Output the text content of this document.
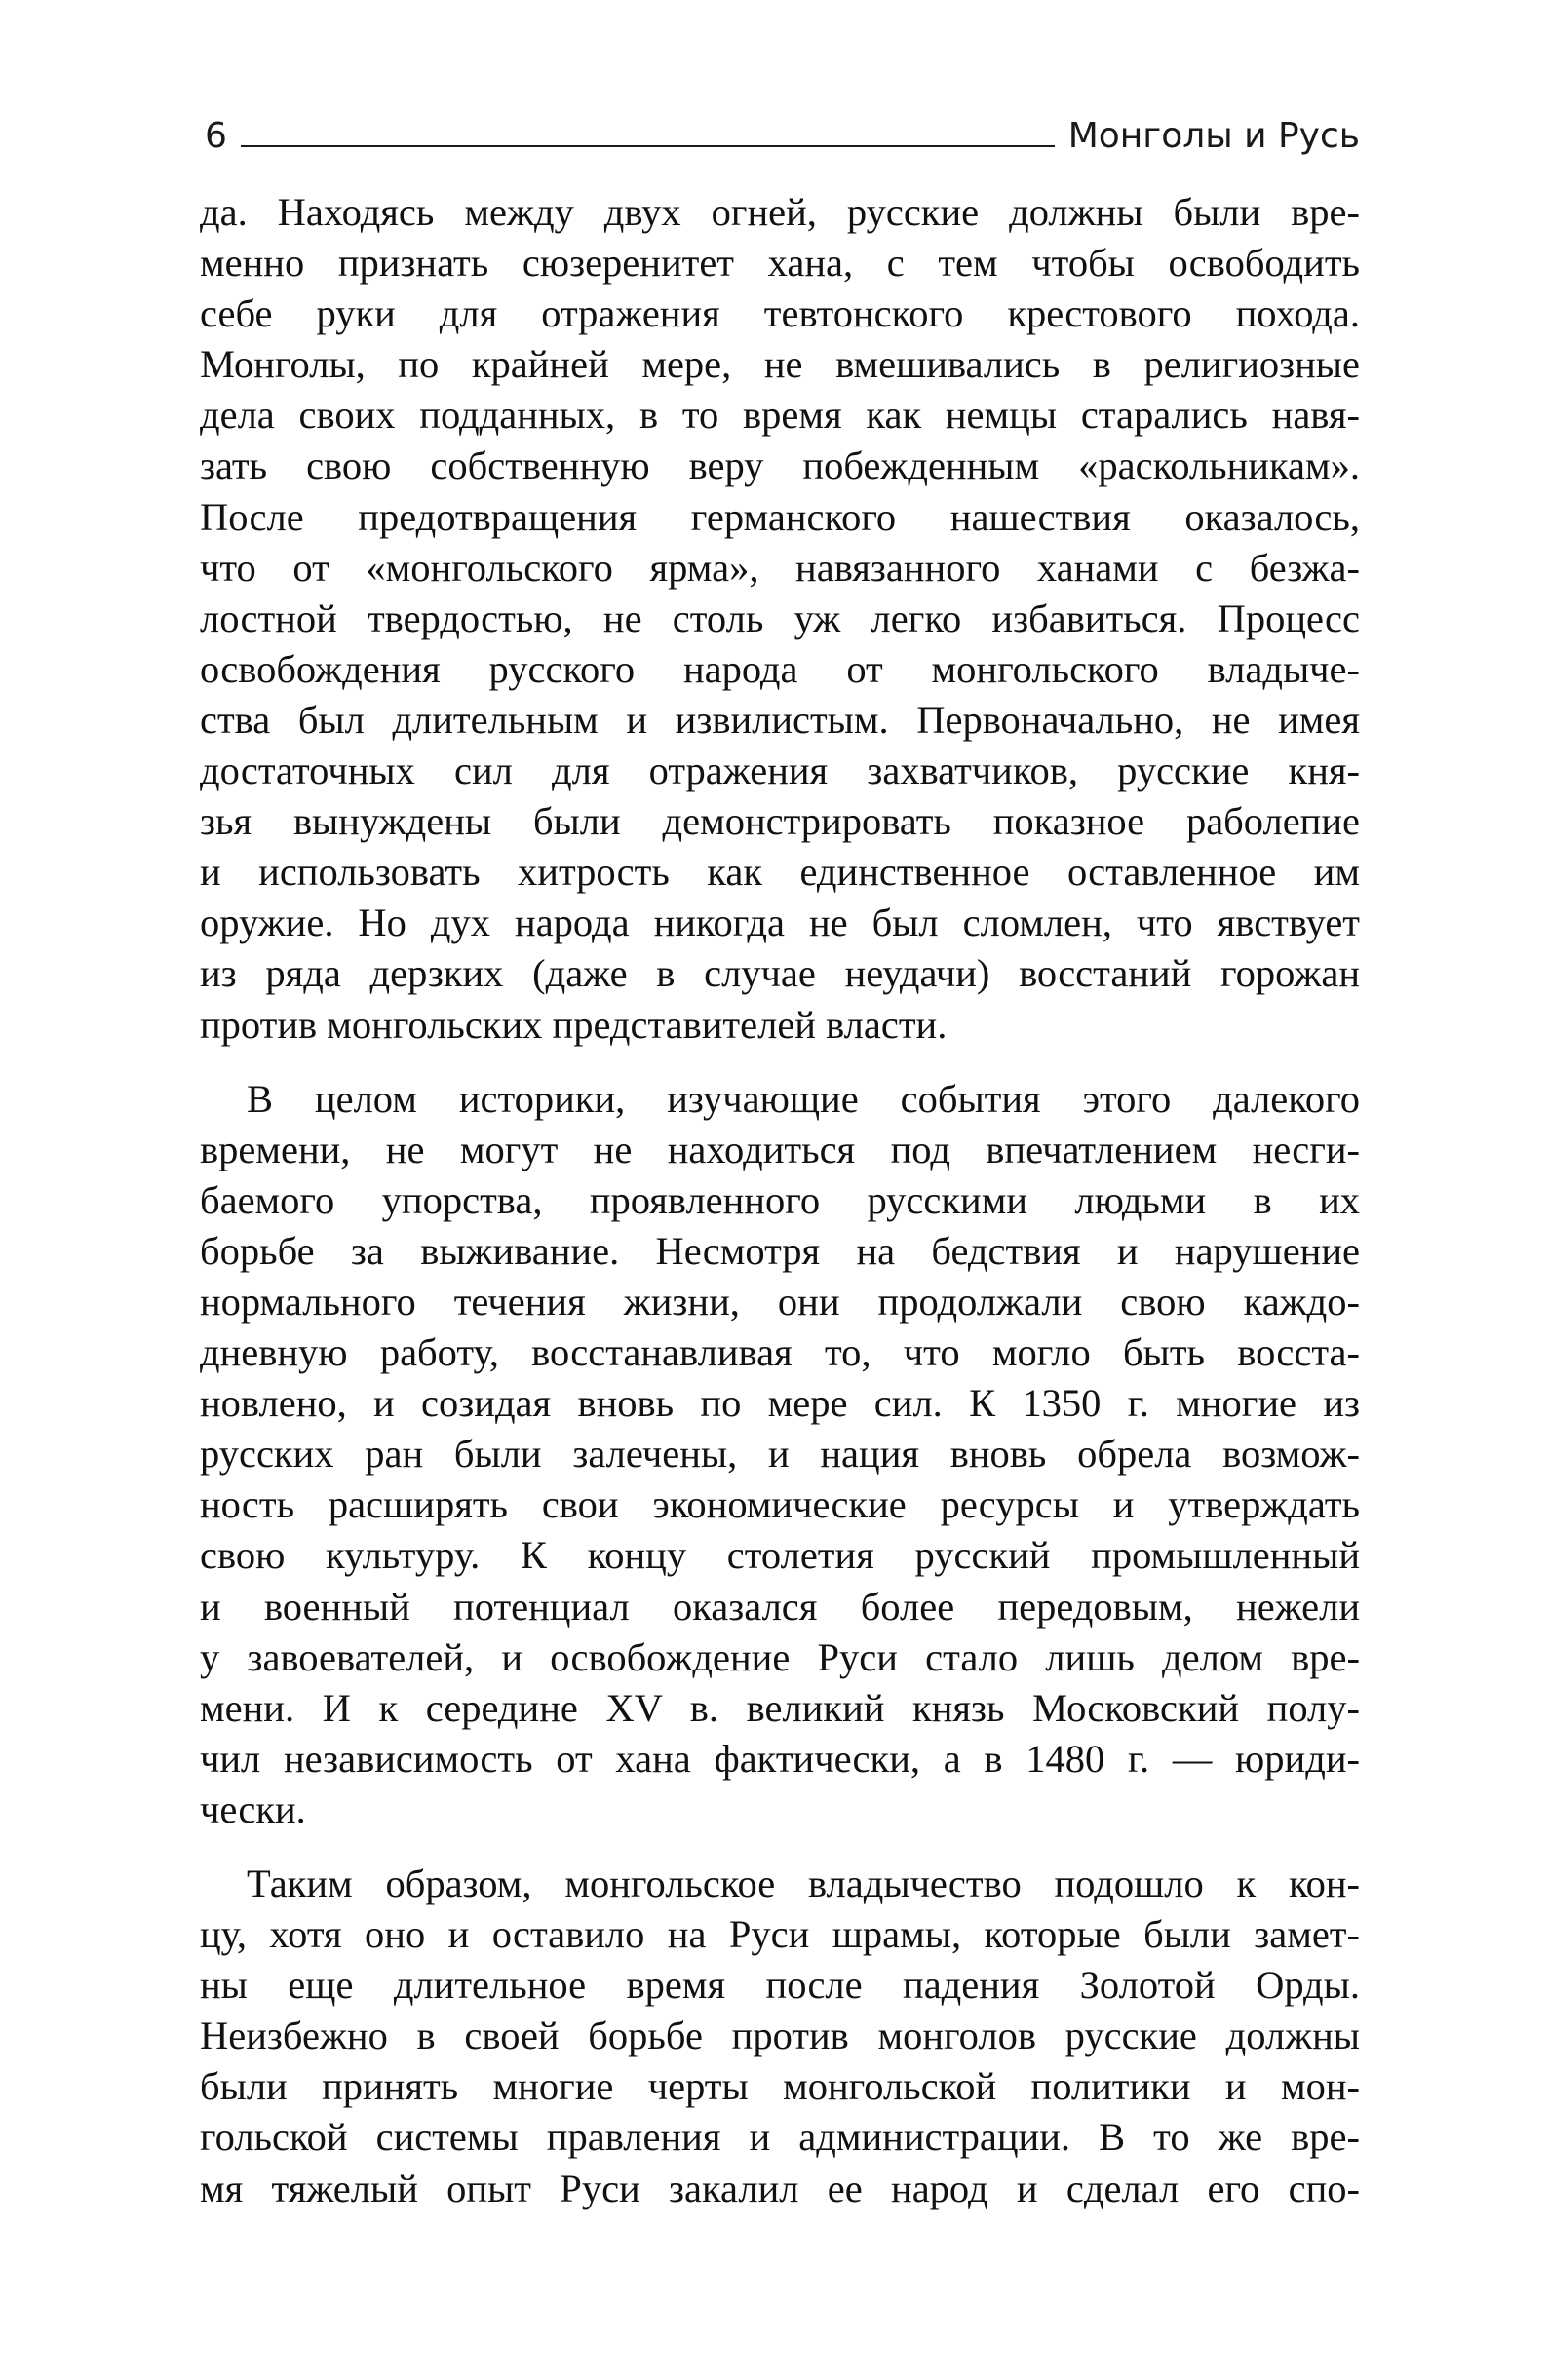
6	Монголы и Русь

да. Находясь между двух огней, русские должны были вре-
менно признать сюзеренитет хана, с тем чтобы освободить
себе руки для отражения тевтонского крестового похода.
Монголы, по крайней мере, не вмешивались в религиозные
дела своих подданных, в то время как немцы старались навя-
зать свою собственную веру побежденным «раскольникам».
После предотвращения германского нашествия оказалось,
что от «монгольского ярма», навязанного ханами с безжа-
лостной твердостью, не столь уж легко избавиться. Процесс
освобождения русского народа от монгольского владыче-
ства был длительным и извилистым. Первоначально, не имея
достаточных сил для отражения захватчиков, русские кня-
зья вынуждены были демонстрировать показное раболепие
и использовать хитрость как единственное оставленное им
оружие. Но дух народа никогда не был сломлен, что явствует
из ряда дерзких (даже в случае неудачи) восстаний горожан
против монгольских представителей власти.

В целом историки, изучающие события этого далекого
времени, не могут не находиться под впечатлением несги-
баемого упорства, проявленного русскими людьми в их
борьбе за выживание. Несмотря на бедствия и нарушение
нормального течения жизни, они продолжали свою каждо-
дневную работу, восстанавливая то, что могло быть восста-
новлено, и созидая вновь по мере сил. К 1350 г. многие из
русских ран были залечены, и нация вновь обрела возмож-
ность расширять свои экономические ресурсы и утверждать
свою культуру. К концу столетия русский промышленный
и военный потенциал оказался более передовым, нежели
у завоевателей, и освобождение Руси стало лишь делом вре-
мени. И к середине XV в. великий князь Московский полу-
чил независимость от хана фактически, а в 1480 г. — юриди-
чески.

Таким образом, монгольское владычество подошло к кон-
цу, хотя оно и оставило на Руси шрамы, которые были замет-
ны еще длительное время после падения Золотой Орды.
Неизбежно в своей борьбе против монголов русские должны
были принять многие черты монгольской политики и мон-
гольской системы правления и администрации. В то же вре-
мя тяжелый опыт Руси закалил ее народ и сделал его спо-
